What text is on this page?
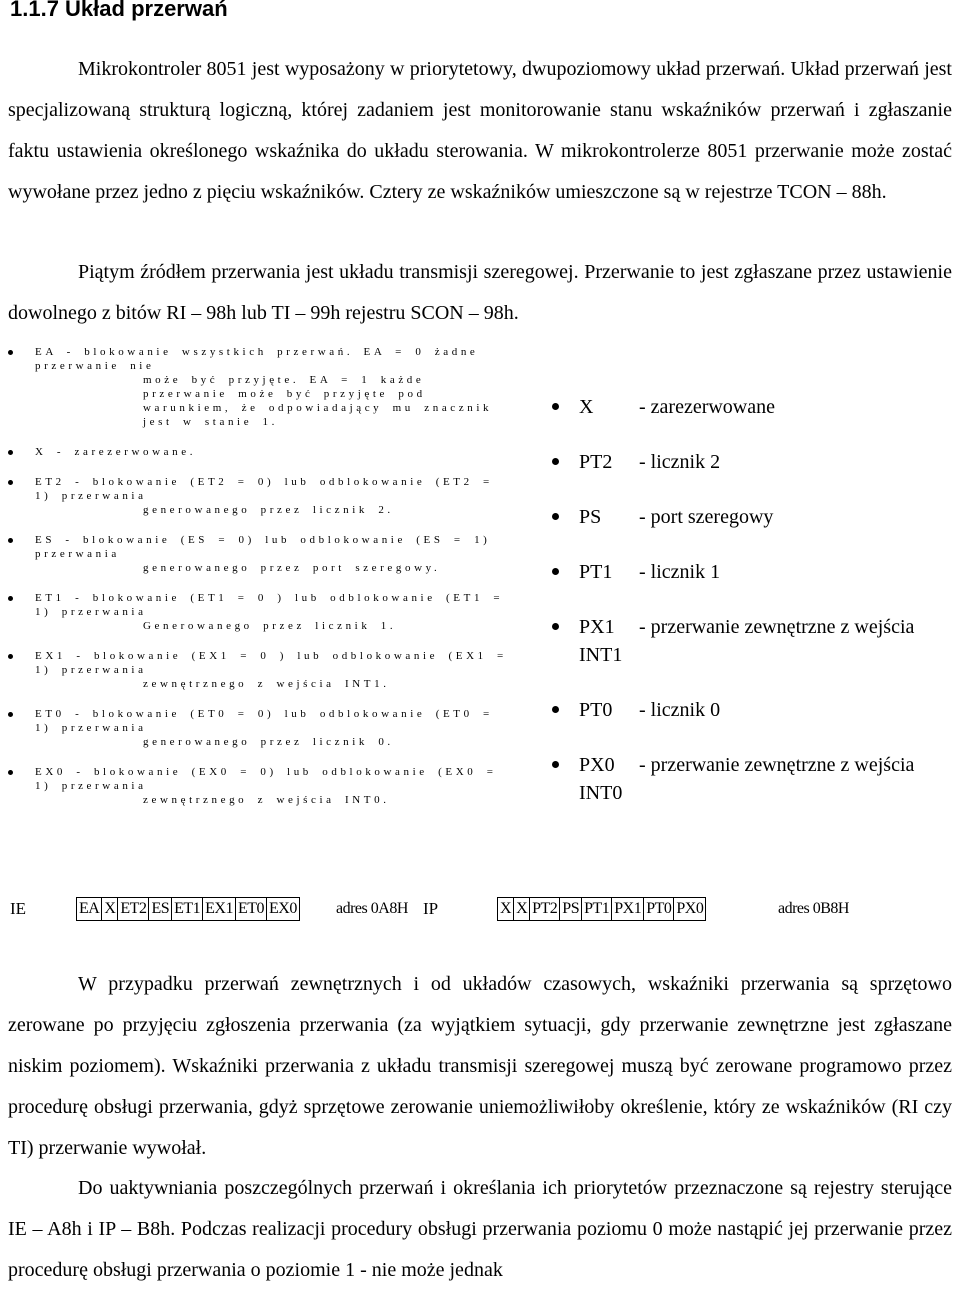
1.1.7 Układ przerwań

Mikrokontroler 8051 jest wyposażony w priorytetowy, dwupoziomowy układ przerwań. Układ przerwań jest specjalizowaną strukturą logiczną, której zadaniem jest monitorowanie stanu wskaźników przerwań i zgłaszanie faktu ustawienia określonego wskaźnika do układu sterowania. W mikrokontrolerze 8051 przerwanie może zostać wywołane przez jedno z pięciu wskaźników. Cztery ze wskaźników umieszczone są w rejestrze TCON – 88h.

Piątym źródłem przerwania jest układu transmisji szeregowej. Przerwanie to jest zgłaszane przez ustawienie dowolnego z bitów RI – 98h lub TI – 99h rejestru SCON – 98h.

EA - blokowanie wszystkich przerwań. EA = 0 żadne przerwanie nie
może być przyjęte. EA = 1 każde przerwanie może być przyjęte pod warunkiem, że odpowiadający mu znacznik jest w stanie 1.
X - zarezerwowane.
ET2 - blokowanie (ET2 = 0) lub odblokowanie (ET2 = 1) przerwania
generowanego przez licznik 2.
ES - blokowanie (ES = 0) lub odblokowanie (ES = 1) przerwania
generowanego przez port szeregowy.
ET1 - blokowanie (ET1 = 0 ) lub odblokowanie (ET1 = 1) przerwania
Generowanego przez licznik 1.
EX1 - blokowanie (EX1 = 0 ) lub odblokowanie (EX1 = 1) przerwania
zewnętrznego z wejścia INT1.
ET0 - blokowanie (ET0 = 0) lub odblokowanie (ET0 = 1) przerwania
generowanego przez licznik 0.
EX0 - blokowanie (EX0 = 0) lub odblokowanie (EX0 = 1) przerwania
zewnętrznego z wejścia INT0.
X - zarezerwowane
PT2 - licznik 2
PS - port szeregowy
PT1 - licznik 1
PX1 - przerwanie zewnętrzne z wejścia INT1
PT0 - licznik 0
PX0 - przerwanie zewnętrzne z wejścia INT0
IE	EA X ET2 ES ET1 EX1 ET0 EX0 adres 0A8H IP	X X PT2 PS PT1 PX1 PT0 PX0	adres 0B8H

W przypadku przerwań zewnętrznych i od układów czasowych, wskaźniki przerwania są sprzętowo zerowane po przyjęciu zgłoszenia przerwania (za wyjątkiem sytuacji, gdy przerwanie zewnętrzne jest zgłaszane niskim poziomem). Wskaźniki przerwania z układu transmisji szeregowej muszą być zerowane programowo przez procedurę obsługi przerwania, gdyż sprzętowe zerowanie uniemożliwiłoby określenie, który ze wskaźników (RI czy TI) przerwanie wywołał.

Do uaktywniania poszczególnych przerwań i określania ich priorytetów przeznaczone są rejestry sterujące IE – A8h i IP – B8h. Podczas realizacji procedury obsługi przerwania poziomu 0 może nastąpić jej przerwanie przez procedurę obsługi przerwania o poziomie 1 - nie może jednak
